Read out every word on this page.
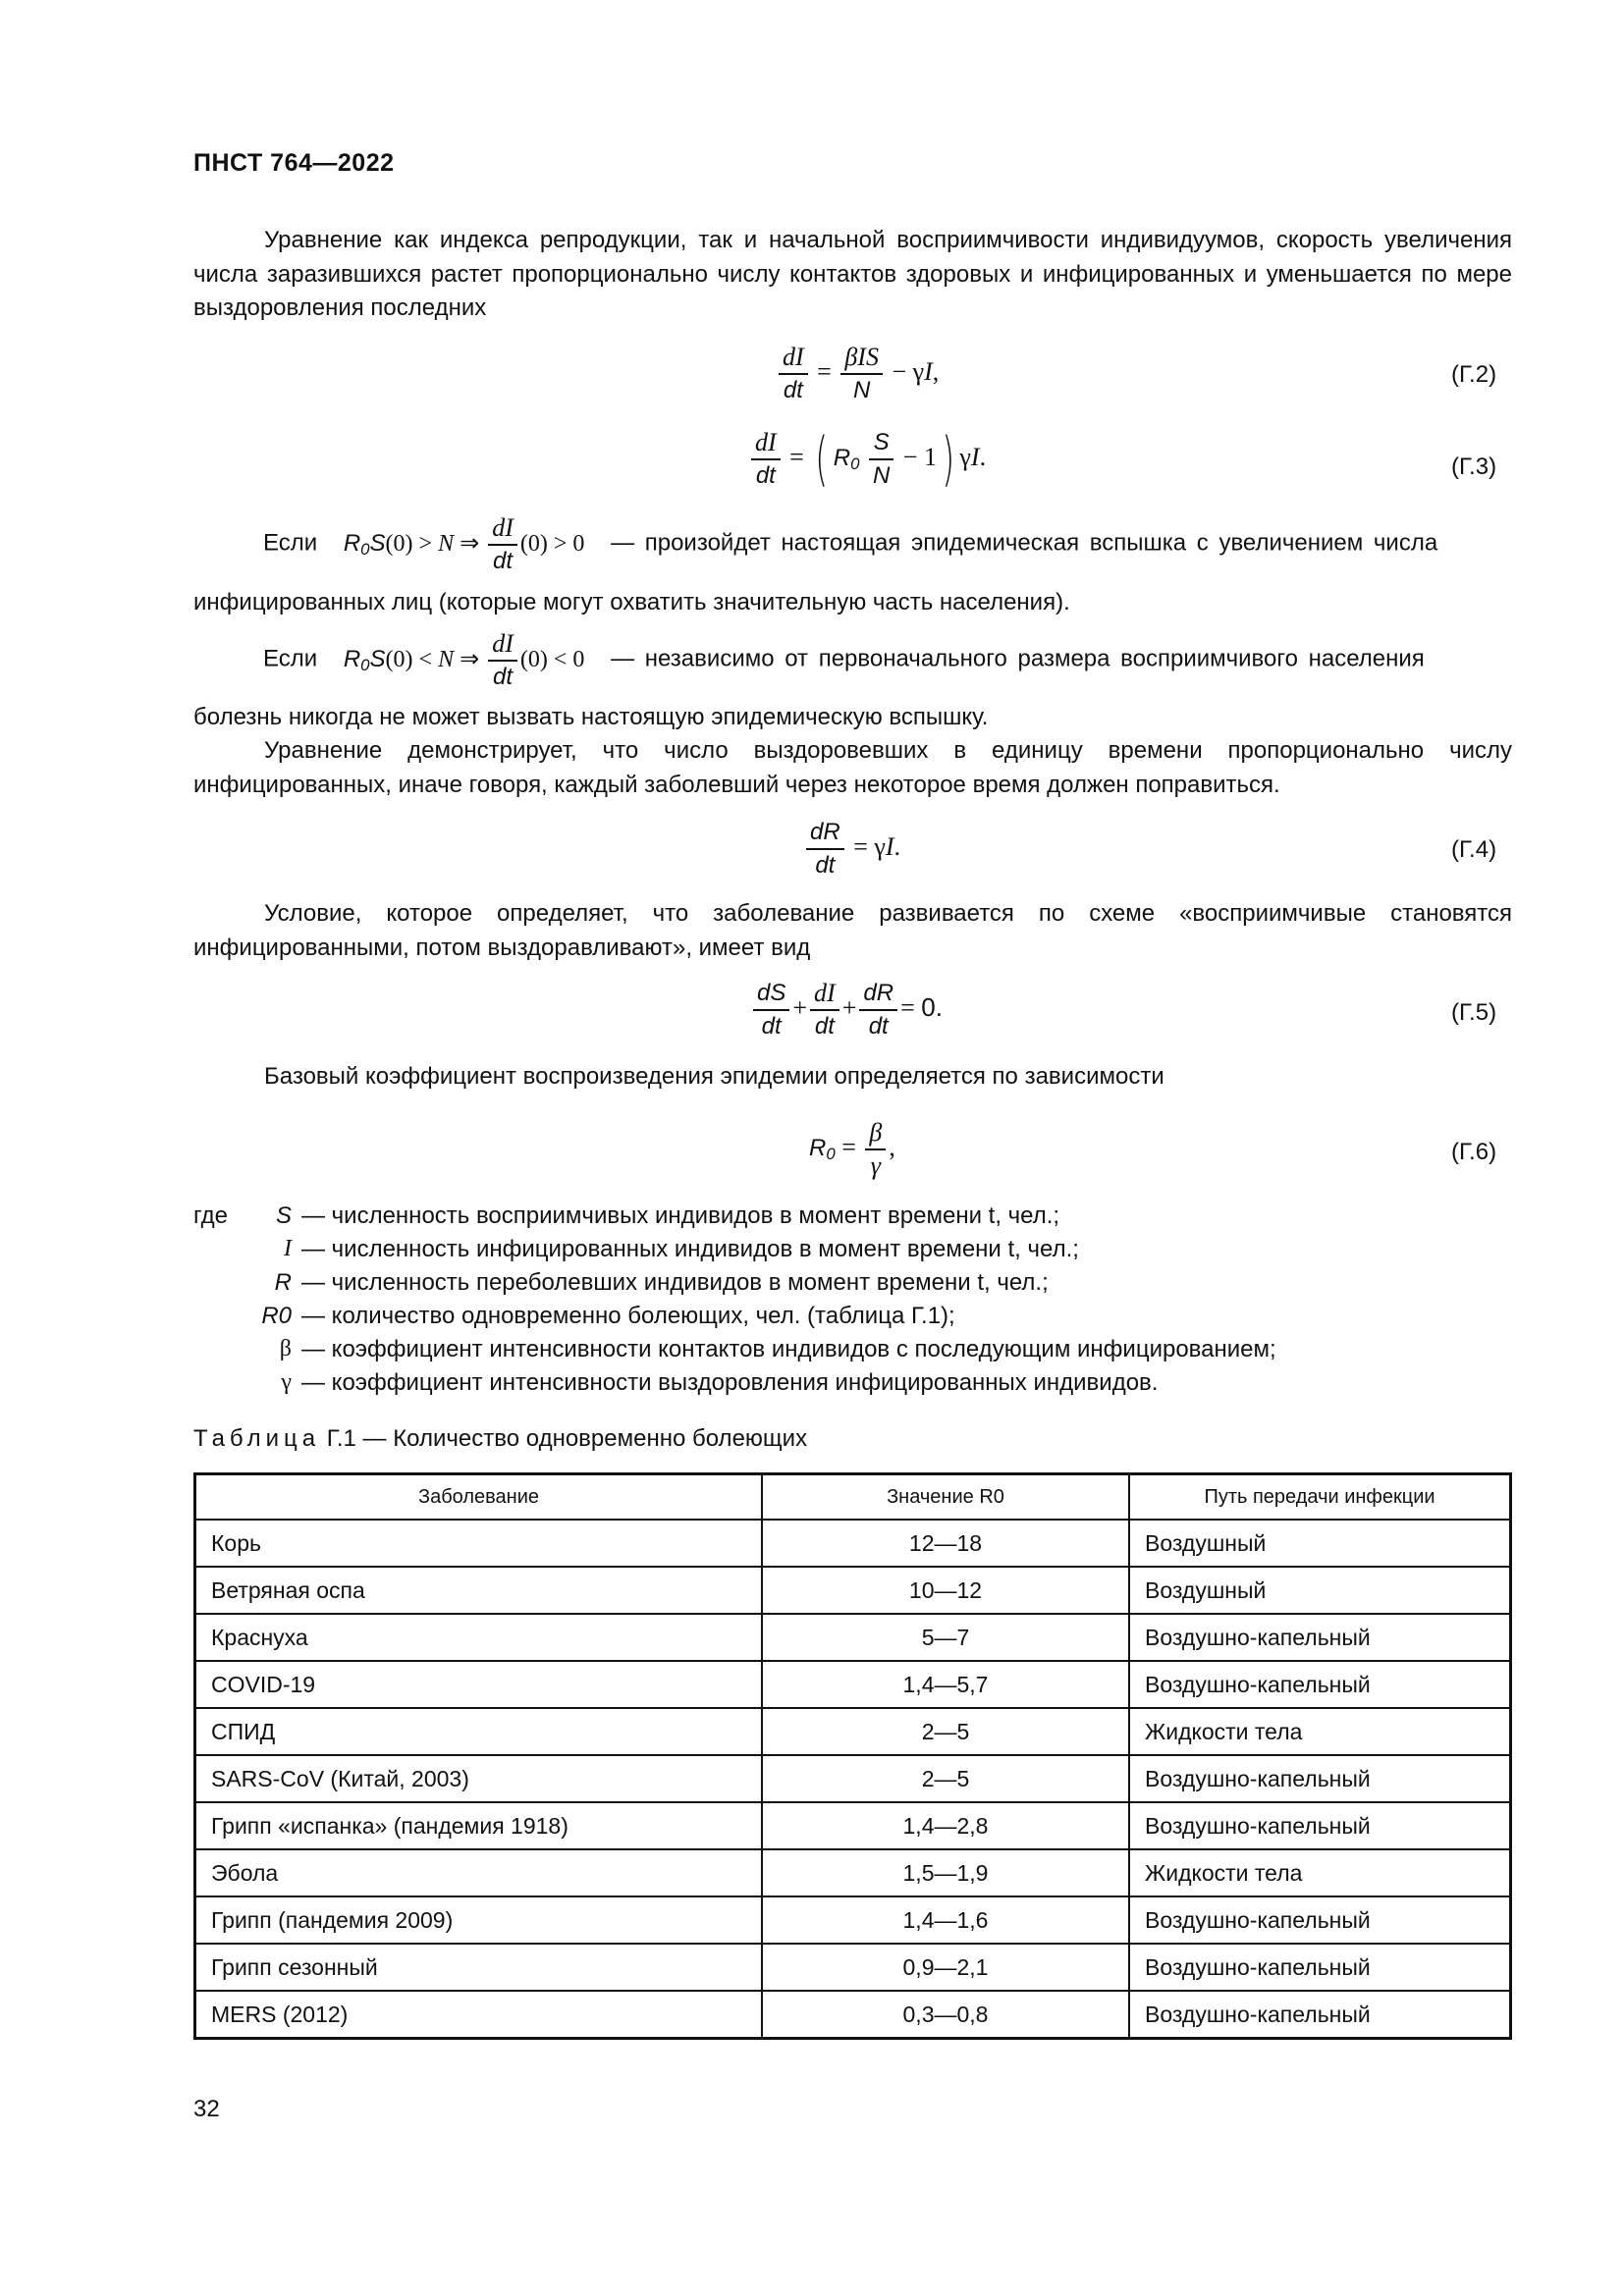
ПНСТ 764—2022

Уравнение как индекса репродукции, так и начальной восприимчивости индивидуумов, скорость увеличения числа заразившихся растет пропорционально числу контактов здоровых и инфицированных и уменьшается по мере выздоровления последних

$\frac{dI}{dt} = \frac{\text{βIS}}{N} - \gamma I$,	(Г.2)
$\frac{dI}{dt}$ = ( $R_0 \frac{S}{N} - 1$) γI.	(Г.3)
Если $R_0S(0) > N$ ⇒ $\frac{dI}{dt} (0) > 0$ — произойдет настоящая эпидемическая вспышка с увеличением числа
инфицированных лиц (которые могут охватить значительную часть населения).
Если $R_0S(0) < N$ ⇒ $\frac{dI}{dt} (0) < 0$ — независимо от первоначального размера восприимчивого населения
болезнь никогда не может вызвать настоящую эпидемическую вспышку.

Уравнение демонстрирует, что число выздоровевших в единицу времени пропорционально числу инфицированных, иначе говоря, каждый заболевший через некоторое время должен поправиться.

$\frac{dR}{dt} = \gamma I$.	(Г.4)

Условие, которое определяет, что заболевание развивается по схеме «восприимчивые становятся инфицированными, потом выздоравливают», имеет вид

$\frac{dS}{dt} + \frac{dI}{dt} + \frac{dR}{dt} = 0$.	(Г.5)

Базовый коэффициент воспроизведения эпидемии определяется по зависимости

$R_0 = \frac{\beta}{\gamma}$ ,	(Г.6)
где	S — численность восприимчивых индивидов в момент времени t, чел.;
I — численность инфицированных индивидов в момент времени t, чел.;
R — численность переболевших индивидов в момент времени t, чел.;
R0 — количество одновременно болеющих, чел. (таблица Г.1);
β — коэффициент интенсивности контактов индивидов с последующим инфицированием;
γ — коэффициент интенсивности выздоровления инфицированных индивидов.
Таблица Г.1 — Количество одновременно болеющих
Заболевание	Значение R0	Путь передачи инфекции
Корь	12—18	Воздушный
Ветряная оспа	10—12	Воздушный
Краснуха	5—7	Воздушно-капельный
COVID-19	1,4—5,7	Воздушно-капельный
СПИД	2—5	Жидкости тела
SARS-CoV (Китай, 2003)	2—5	Воздушно-капельный
Грипп «испанка» (пандемия 1918)	1,4—2,8	Воздушно-капельный
Эбола	1,5—1,9	Жидкости тела
Грипп (пандемия 2009)	1,4—1,6	Воздушно-капельный
Грипп сезонный	0,9—2,1	Воздушно-капельный
MERS (2012)	0,3—0,8	Воздушно-капельный
32
